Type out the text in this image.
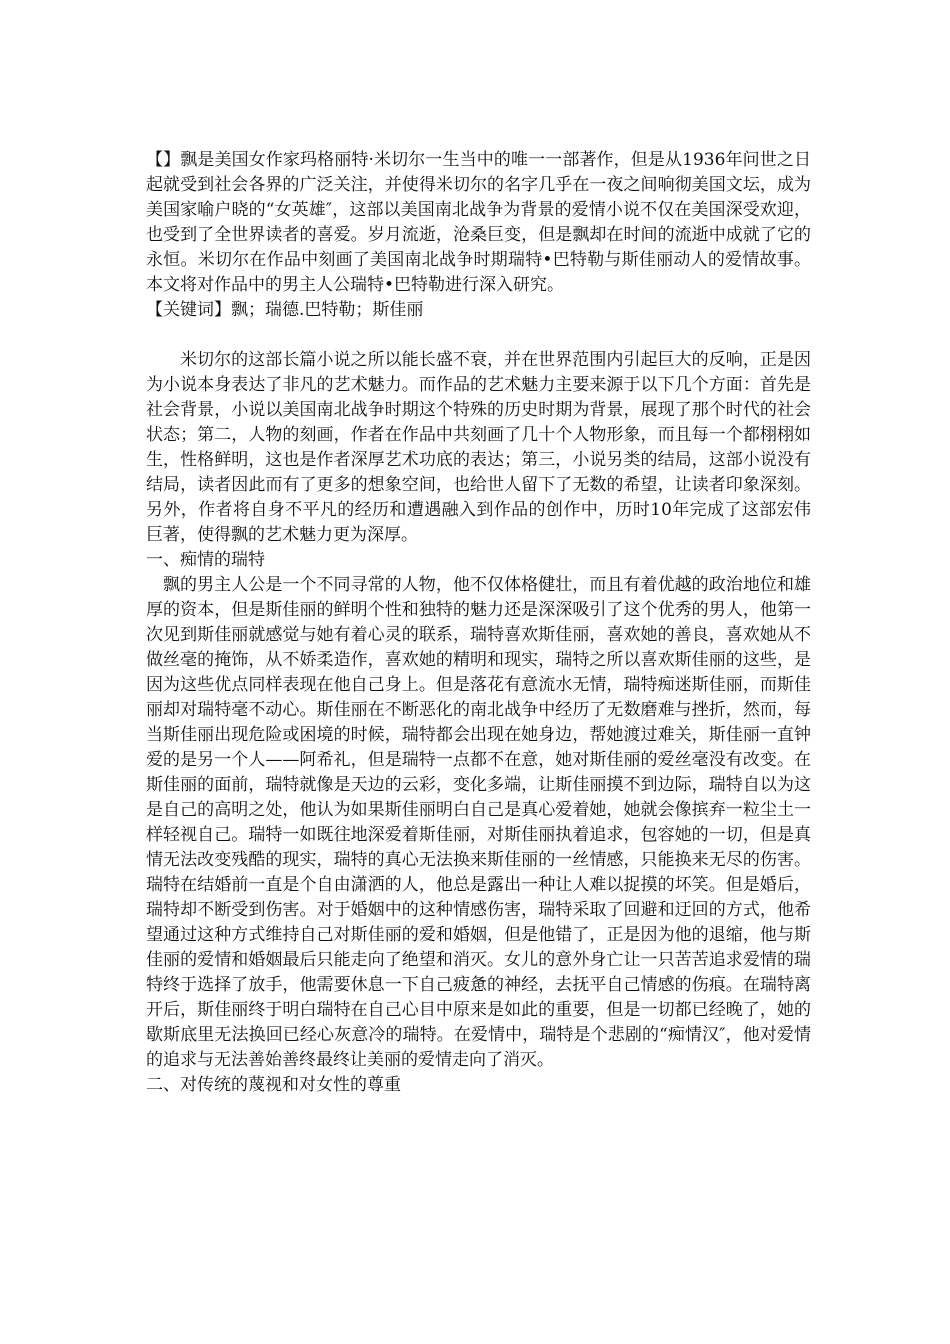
【】飘是美国女作家玛格丽特·米切尔一生当中的唯一一部著作，但是从1936年问世之日起就受到社会各界的广泛关注，并使得米切尔的名字几乎在一夜之间响彻美国文坛，成为美国家喻户晓的“女英雄″，这部以美国南北战争为背景的爱情小说不仅在美国深受欢迎，也受到了全世界读者的喜爱。岁月流逝，沧桑巨变，但是飘却在时间的流逝中成就了它的永恒。米切尔在作品中刻画了美国南北战争时期瑞特•巴特勒与斯佳丽动人的爱情故事。本文将对作品中的男主人公瑞特•巴特勒进行深入研究。

【关键词】飘；瑞德.巴特勒；斯佳丽

米切尔的这部长篇小说之所以能长盛不衰，并在世界范围内引起巨大的反响，正是因为小说本身表达了非凡的艺术魅力。而作品的艺术魅力主要来源于以下几个方面：首先是社会背景，小说以美国南北战争时期这个特殊的历史时期为背景，展现了那个时代的社会状态；第二，人物的刻画，作者在作品中共刻画了几十个人物形象，而且每一个都栩栩如生，性格鲜明，这也是作者深厚艺术功底的表达；第三，小说另类的结局，这部小说没有结局，读者因此而有了更多的想象空间，也给世人留下了无数的希望，让读者印象深刻。另外，作者将自身不平凡的经历和遭遇融入到作品的创作中，历时10年完成了这部宏伟巨著，使得飘的艺术魅力更为深厚。

一、痴情的瑞特

飘的男主人公是一个不同寻常的人物，他不仅体格健壮，而且有着优越的政治地位和雄厚的资本，但是斯佳丽的鲜明个性和独特的魅力还是深深吸引了这个优秀的男人，他第一次见到斯佳丽就感觉与她有着心灵的联系，瑞特喜欢斯佳丽，喜欢她的善良，喜欢她从不做丝毫的掩饰，从不娇柔造作，喜欢她的精明和现实，瑞特之所以喜欢斯佳丽的这些，是因为这些优点同样表现在他自己身上。但是落花有意流水无情，瑞特痴迷斯佳丽，而斯佳丽却对瑞特毫不动心。斯佳丽在不断恶化的南北战争中经历了无数磨难与挫折，然而，每当斯佳丽出现危险或困境的时候，瑞特都会出现在她身边，帮她渡过难关，斯佳丽一直钟爱的是另一个人——阿希礼，但是瑞特一点都不在意，她对斯佳丽的爱丝毫没有改变。在斯佳丽的面前，瑞特就像是天边的云彩，变化多端，让斯佳丽摸不到边际，瑞特自以为这是自己的高明之处，他认为如果斯佳丽明白自己是真心爱着她，她就会像摈弃一粒尘土一样轻视自己。瑞特一如既往地深爱着斯佳丽，对斯佳丽执着追求，包容她的一切，但是真情无法改变残酷的现实，瑞特的真心无法换来斯佳丽的一丝情感，只能换来无尽的伤害。瑞特在结婚前一直是个自由潇洒的人，他总是露出一种让人难以捉摸的坏笑。但是婚后，瑞特却不断受到伤害。对于婚姻中的这种情感伤害，瑞特采取了回避和迂回的方式，他希望通过这种方式维持自己对斯佳丽的爱和婚姻，但是他错了，正是因为他的退缩，他与斯佳丽的爱情和婚姻最后只能走向了绝望和消灭。女儿的意外身亡让一只苦苦追求爱情的瑞特终于选择了放手，他需要休息一下自己疲惫的神经，去抚平自己情感的伤痕。在瑞特离开后，斯佳丽终于明白瑞特在自己心目中原来是如此的重要，但是一切都已经晚了，她的歇斯底里无法换回已经心灰意冷的瑞特。在爱情中，瑞特是个悲剧的“痴情汉″，他对爱情的追求与无法善始善终最终让美丽的爱情走向了消灭。

二、对传统的蔑视和对女性的尊重
